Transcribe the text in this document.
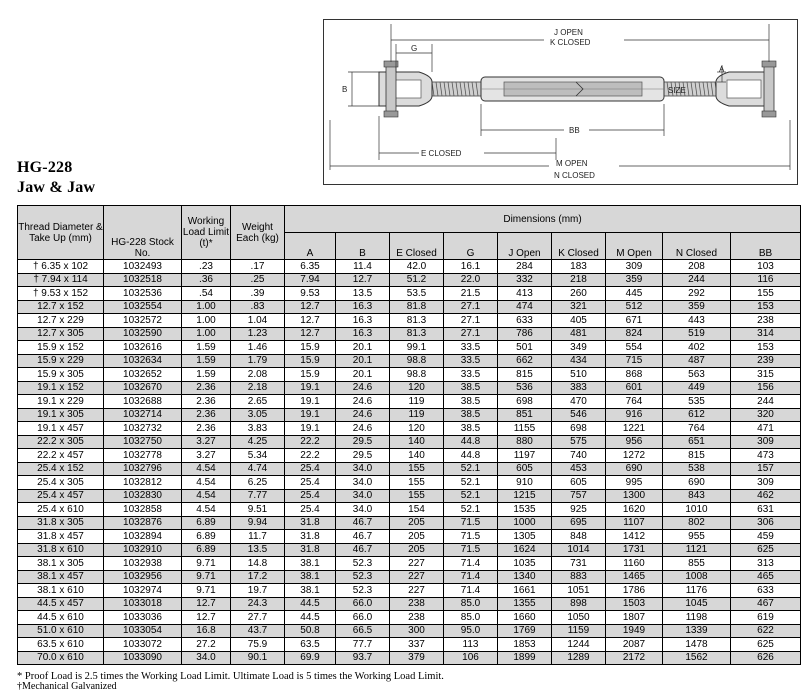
SIZE
J OPEN
K CLOSED
G
B
A
BB
E CLOSED
M OPEN
N CLOSED
HG-228
Jaw & Jaw
Thread Diameter & Take Up (mm)	HG-228 Stock No.	Working Load Limit (t)*	Weight Each (kg)	Dimensions (mm)								
				A	B	E Closed	G	J Open	K Closed	M Open	N Closed	BB
† 6.35 x 102	1032493	.23	.17	6.35	11.4	42.0	16.1	284	183	309	208	103
† 7.94 x 114	1032518	.36	.25	7.94	12.7	51.2	22.0	332	218	359	244	116
† 9.53 x 152	1032536	.54	.39	9.53	13.5	53.5	21.5	413	260	445	292	155
12.7 x 152	1032554	1.00	.83	12.7	16.3	81.8	27.1	474	321	512	359	153
12.7 x 229	1032572	1.00	1.04	12.7	16.3	81.3	27.1	633	405	671	443	238
12.7 x 305	1032590	1.00	1.23	12.7	16.3	81.3	27.1	786	481	824	519	314
15.9 x 152	1032616	1.59	1.46	15.9	20.1	99.1	33.5	501	349	554	402	153
15.9 x 229	1032634	1.59	1.79	15.9	20.1	98.8	33.5	662	434	715	487	239
15.9 x 305	1032652	1.59	2.08	15.9	20.1	98.8	33.5	815	510	868	563	315
19.1 x 152	1032670	2.36	2.18	19.1	24.6	120	38.5	536	383	601	449	156
19.1 x 229	1032688	2.36	2.65	19.1	24.6	119	38.5	698	470	764	535	244
19.1 x 305	1032714	2.36	3.05	19.1	24.6	119	38.5	851	546	916	612	320
19.1 x 457	1032732	2.36	3.83	19.1	24.6	120	38.5	1155	698	1221	764	471
22.2 x 305	1032750	3.27	4.25	22.2	29.5	140	44.8	880	575	956	651	309
22.2 x 457	1032778	3.27	5.34	22.2	29.5	140	44.8	1197	740	1272	815	473
25.4 x 152	1032796	4.54	4.74	25.4	34.0	155	52.1	605	453	690	538	157
25.4 x 305	1032812	4.54	6.25	25.4	34.0	155	52.1	910	605	995	690	309
25.4 x 457	1032830	4.54	7.77	25.4	34.0	155	52.1	1215	757	1300	843	462
25.4 x 610	1032858	4.54	9.51	25.4	34.0	154	52.1	1535	925	1620	1010	631
31.8 x 305	1032876	6.89	9.94	31.8	46.7	205	71.5	1000	695	1107	802	306
31.8 x 457	1032894	6.89	11.7	31.8	46.7	205	71.5	1305	848	1412	955	459
31.8 x 610	1032910	6.89	13.5	31.8	46.7	205	71.5	1624	1014	1731	1121	625
38.1 x 305	1032938	9.71	14.8	38.1	52.3	227	71.4	1035	731	1160	855	313
38.1 x 457	1032956	9.71	17.2	38.1	52.3	227	71.4	1340	883	1465	1008	465
38.1 x 610	1032974	9.71	19.7	38.1	52.3	227	71.4	1661	1051	1786	1176	633
44.5 x 457	1033018	12.7	24.3	44.5	66.0	238	85.0	1355	898	1503	1045	467
44.5 x 610	1033036	12.7	27.7	44.5	66.0	238	85.0	1660	1050	1807	1198	619
51.0 x 610	1033054	16.8	43.7	50.8	66.5	300	95.0	1769	1159	1949	1339	622
63.5 x 610	1033072	27.2	75.9	63.5	77.7	337	113	1853	1244	2087	1478	625
70.0 x 610	1033090	34.0	90.1	69.9	93.7	379	106	1899	1289	2172	1562	626
* Proof Load is 2.5 times the Working Load Limit. Ultimate Load is 5 times the Working Load Limit.
†Mechanical Galvanized
